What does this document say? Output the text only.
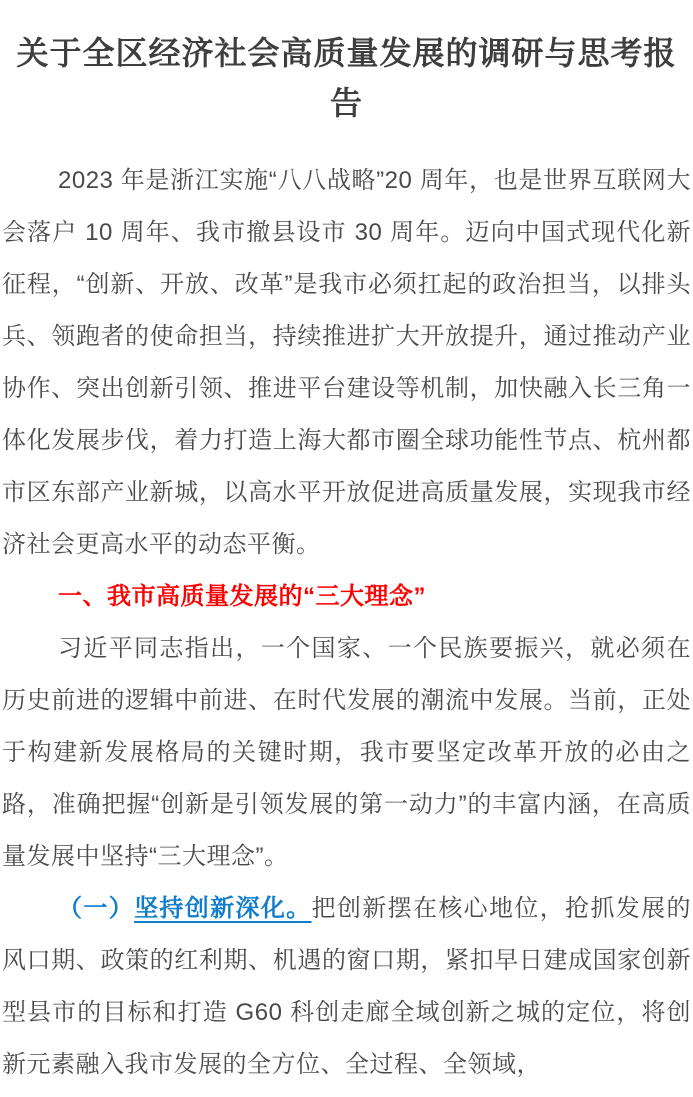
关于全区经济社会高质量发展的调研与思考报告

2023 年是浙江实施“八八战略”20 周年，也是世界互联网大会落户 10 周年、我市撤县设市 30 周年。迈向中国式现代化新征程，“创新、开放、改革”是我市必须扛起的政治担当，以排头兵、领跑者的使命担当，持续推进扩大开放提升，通过推动产业协作、突出创新引领、推进平台建设等机制，加快融入长三角一体化发展步伐，着力打造上海大都市圈全球功能性节点、杭州都市区东部产业新城，以高水平开放促进高质量发展，实现我市经济社会更高水平的动态平衡。

一、我市高质量发展的“三大理念”

习近平同志指出，一个国家、一个民族要振兴，就必须在历史前进的逻辑中前进、在时代发展的潮流中发展。当前，正处于构建新发展格局的关键时期，我市要坚定改革开放的必由之路，准确把握“创新是引领发展的第一动力”的丰富内涵，在高质量发展中坚持“三大理念”。

（一）坚持创新深化。把创新摆在核心地位，抢抓发展的风口期、政策的红利期、机遇的窗口期，紧扣早日建成国家创新型县市的目标和打造 G60 科创走廊全域创新之城的定位，将创新元素融入我市发展的全方位、全过程、全领域，
